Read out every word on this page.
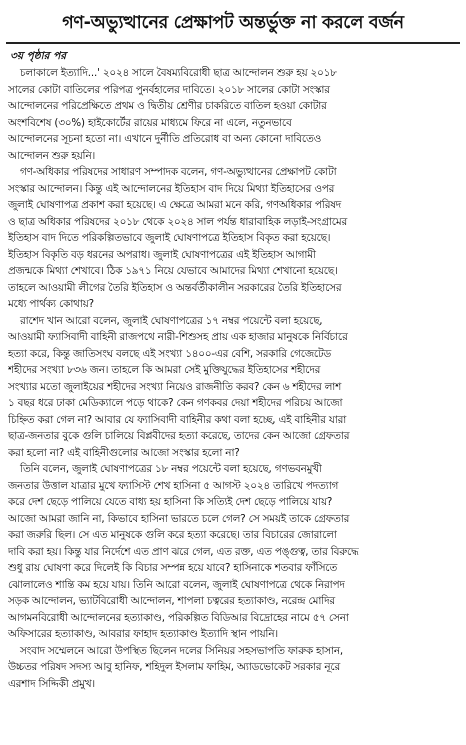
গণ-অভ্যুত্থানের প্রেক্ষাপট অন্তর্ভুক্ত না করলে বর্জন
৩য় পৃষ্ঠার পর

চলাকালে ইত্যাদি...' ২০২৪ সালে বৈষম্যবিরোধী ছাত্র আন্দোলন শুরু হয় ২০১৮
সালের কোটা বাতিলের পরিপত্র পুনর্বহালের দাবিতে। ২০১৮ সালের কোটা সংস্কার
আন্দোলনের পরিপ্রেক্ষিতে প্রথম ও দ্বিতীয় শ্রেণীর চাকরিতে বাতিল হওয়া কোটার
অংশবিশেষ (৩০%) হাইকোর্টের রায়ের মাধ্যমে ফিরে না এলে, নতুনভাবে
আন্দোলনের সূচনা হতো না। এখানে দুর্নীতি প্রতিরোধ বা অন্য কোনো দাবিতেও
আন্দোলন শুরু হয়নি।

গণ-অধিকার পরিষদের সাধারণ সম্পাদক বলেন, গণ-অভ্যুত্থানের প্রেক্ষাপট কোটা
সংস্কার আন্দোলন। কিন্তু এই আন্দোলনের ইতিহাস বাদ দিয়ে মিথ্যা ইতিহাসের ওপর
জুলাই ঘোষণাপত্র প্রকাশ করা হয়েছে। এ ক্ষেত্রে আমরা মনে করি, গণঅধিকার পরিষদ
ও ছাত্র অধিকার পরিষদের ২০১৮ থেকে ২০২৪ সাল পর্যন্ত ধারাবাহিক লড়াই-সংগ্রামের
ইতিহাস বাদ দিতে পরিকল্পিতভাবে জুলাই ঘোষণাপত্রে ইতিহাস বিকৃত করা হয়েছে।
ইতিহাস বিকৃতি বড় ধরনের অপরাধ। জুলাই ঘোষণাপত্রের এই ইতিহাস আগামী
প্রজন্মকে মিথ্যা শেখাবে। ঠিক ১৯৭১ নিয়ে যেভাবে আমাদের মিথ্যা শেখানো হয়েছে।
তাহলে আওয়ামী লীগের তৈরি ইতিহাস ও অন্তর্বর্তীকালীন সরকারের তৈরি ইতিহাসের
মধ্যে পার্থক্য কোথায়?

রাশেদ খান আরো বলেন, জুলাই ঘোষণাপত্রের ১৭ নম্বর পয়েন্টে বলা হয়েছে,
আওয়ামী ফ্যাসিবাদী বাহিনী রাজপথে নারী-শিশুসহ প্রায় এক হাজার মানুষকে নির্বিচারে
হত্যা করে, কিন্তু জাতিসংঘ বলছে এই সংখ্যা ১৪০০-এর বেশি, সরকারি গেজেটেড
শহীদের সংখ্যা ৮৩৬ জন। তাহলে কি আমরা সেই মুক্তিযুদ্ধের ইতিহাসের শহীদের
সংখ্যার মতো জুলাইয়ের শহীদের সংখ্যা নিয়েও রাজনীতি করব? কেন ৬ শহীদের লাশ
১ বছর ধরে ঢাকা মেডিক্যালে পড়ে থাকে? কেন গণকবর দেয়া শহীদের পরিচয় আজো
চিহ্নিত করা গেল না? আবার যে ফ্যাসিবাদী বাহিনীর কথা বলা হচ্ছে, এই বাহিনীর যারা
ছাত্র-জনতার বুকে গুলি চালিয়ে বিপ্লবীদের হত্যা করেছে, তাদের কেন আজো গ্রেফতার
করা হলো না? এই বাহিনীগুলোর আজো সংস্কার হলো না?

তিনি বলেন, জুলাই ঘোষণাপত্রের ১৮ নম্বর পয়েন্টে বলা হয়েছে, গণভবনমুখী
জনতার উত্তাল যাত্রার মুখে ফ্যাসিস্ট শেখ হাসিনা ৫ আগস্ট ২০২৪ তারিখে পদত্যাগ
করে দেশ ছেড়ে পালিয়ে যেতে বাধ্য হয় হাসিনা কি সত্যিই দেশ ছেড়ে পালিয়ে যায়?
আজো আমরা জানি না, কিভাবে হাসিনা ভারতে চলে গেল? সে সময়ই তাকে গ্রেফতার
করা জরুরি ছিল। সে এত মানুষকে গুলি করে হত্যা করেছে। তার বিচারের জোরালো
দাবি করা হয়। কিন্তু যার নির্দেশে এত প্রাণ ঝরে গেল, এত রক্ত, এত পঙ্গুত্ব, তার বিরুদ্ধে
শুধু রায় ঘোষণা করে দিলেই কি বিচার সম্পন্ন হয়ে যাবে? হাসিনাকে শতবার ফাঁসিতে
ঝোলালেও শান্তি কম হয়ে যায়। তিনি আরো বলেন, জুলাই ঘোষণাপত্রে থেকে নিরাপদ
সড়ক আন্দোলন, ভ্যাটবিরোধী আন্দোলন, শাপলা চত্বরের হত্যাকাণ্ড, নরেন্দ্র মোদির
আগমনবিরোধী আন্দোলনের হত্যাকাণ্ড, পরিকল্পিত বিডিআর বিদ্রোহের নামে ৫৭ সেনা
অফিসারের হত্যাকাণ্ড, আবরার ফাহাদ হত্যাকাণ্ড ইত্যাদি স্থান পায়নি।

সংবাদ সম্মেলনে আরো উপস্থিত ছিলেন দলের সিনিয়র সহসভাপতি ফারুক হাসান,
উচ্চতর পরিষদ সদস্য আবু হানিফ, শহিদুল ইসলাম ফাহিম, অ্যাডভোকেট সরকার নূরে
এরশাদ সিদ্দিকী প্রমুখ।
